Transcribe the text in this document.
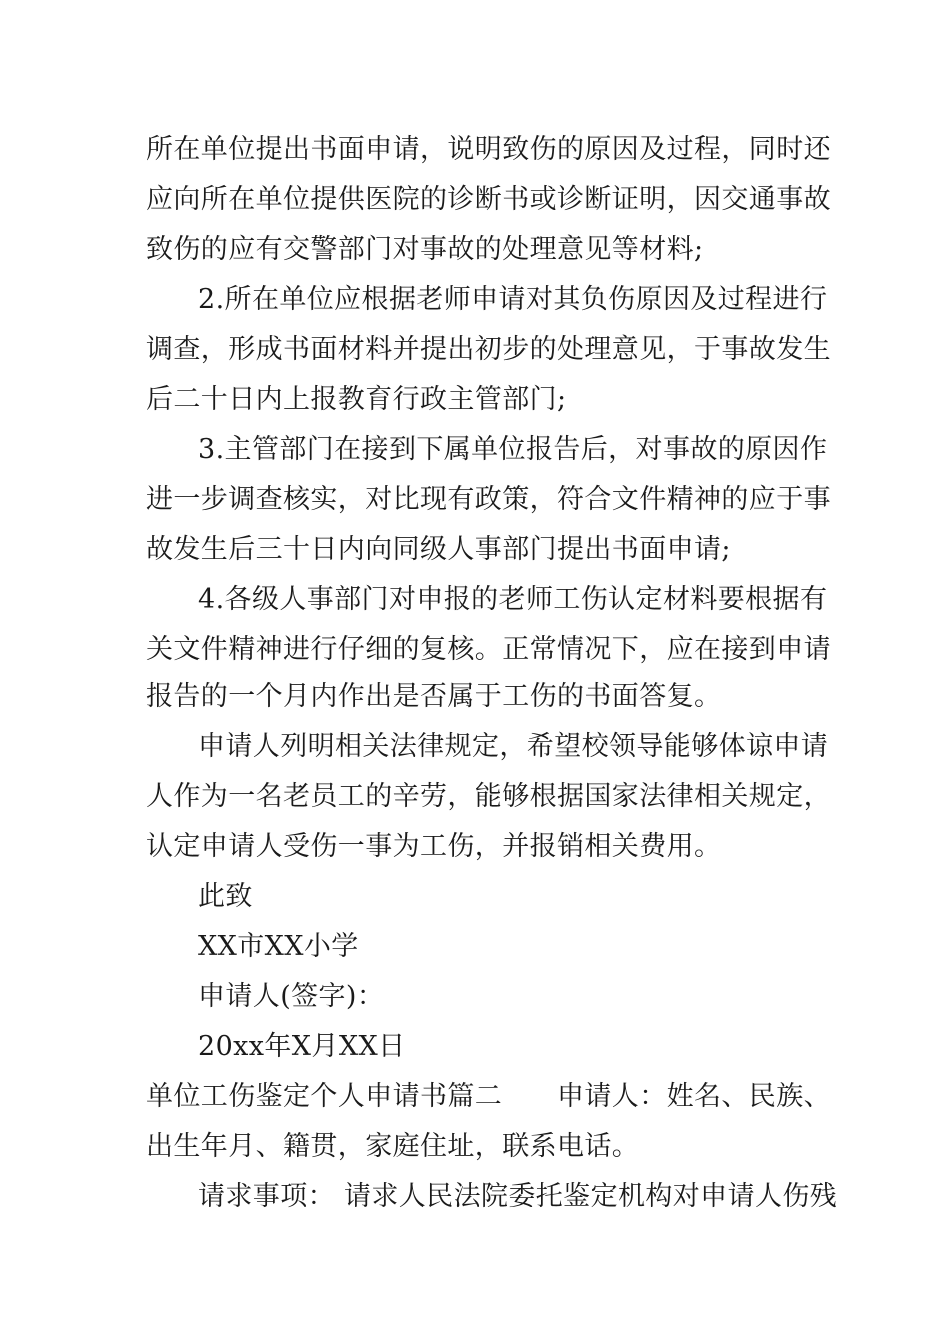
所在单位提出书面申请，说明致伤的原因及过程，同时还
应向所在单位提供医院的诊断书或诊断证明，因交通事故
致伤的应有交警部门对事故的处理意见等材料;
2.所在单位应根据老师申请对其负伤原因及过程进行
调查，形成书面材料并提出初步的处理意见，于事故发生
后二十日内上报教育行政主管部门;
3.主管部门在接到下属单位报告后，对事故的原因作
进一步调查核实，对比现有政策，符合文件精神的应于事
故发生后三十日内向同级人事部门提出书面申请;
4.各级人事部门对申报的老师工伤认定材料要根据有
关文件精神进行仔细的复核。正常情况下，应在接到申请
报告的一个月内作出是否属于工伤的书面答复。
申请人列明相关法律规定，希望校领导能够体谅申请
人作为一名老员工的辛劳，能够根据国家法律相关规定，
认定申请人受伤一事为工伤，并报销相关费用。
此致
XX市XX小学
申请人(签字)：
20xx年X月XX日
单位工伤鉴定个人申请书篇二　　申请人：姓名、民族、
出生年月、籍贯，家庭住址，联系电话。
请求事项： 请求人民法院委托鉴定机构对申请人伤残
